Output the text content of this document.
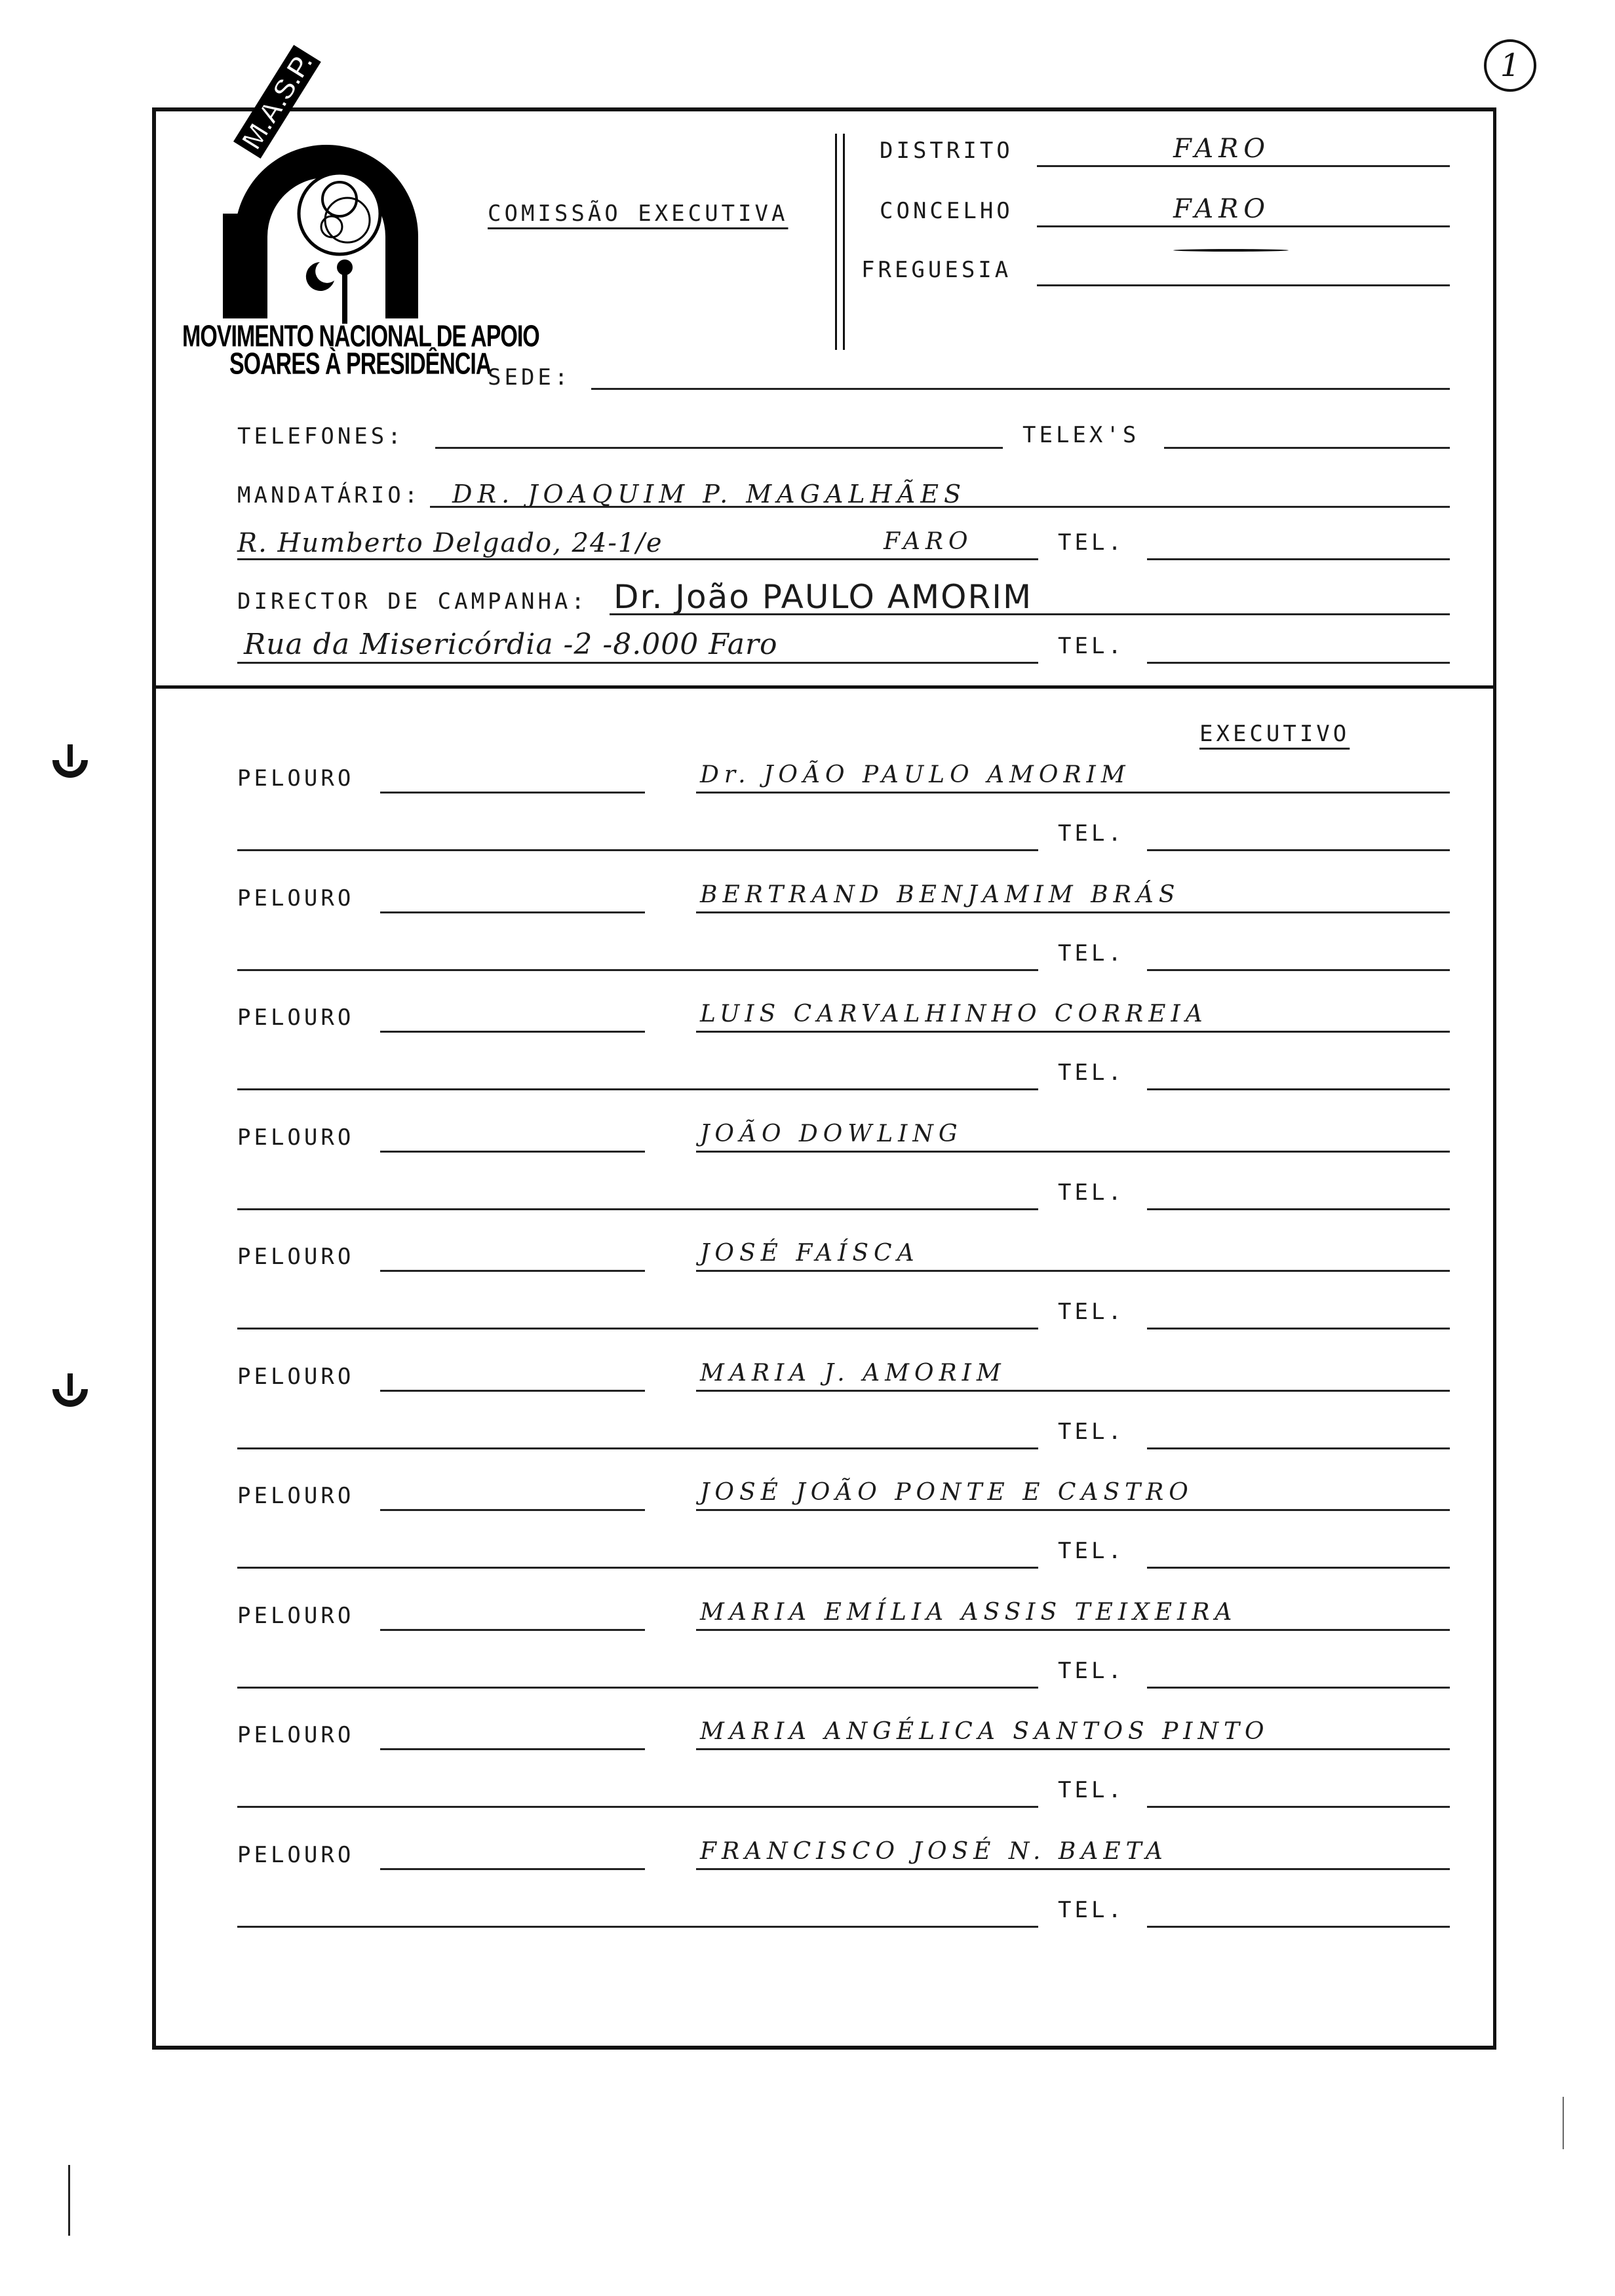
1
M.A.S.P.
MOVIMENTO NACIONAL DE APOIO
SOARES À PRESIDÊNCIA
COMISSÃO EXECUTIVA
DISTRITO	FARO
CONCELHO	FARO
FREGUESIA
SEDE:
TELEFONES:	TELEX'S
MANDATÁRIO: DR. JOAQUIM P. MAGALHÃES
R. Humberto Delgado, 24-1/e	FARO	TEL.
DIRECTOR DE CAMPANHA: Dr. João PAULO AMORIM
Rua da Misericórdia -2 -8.000 Faro	TEL.
EXECUTIVO
PELOURO	Dr. JOÃO PAULO AMORIM
TEL.
PELOURO	BERTRAND BENJAMIM BRÁS
TEL.
PELOURO	LUIS CARVALHINHO CORREIA
TEL.
PELOURO	JOÃO DOWLING
TEL.
PELOURO	JOSÉ FAÍSCA
TEL.
PELOURO	MARIA J. AMORIM
TEL.
PELOURO	JOSÉ JOÃO PONTE E CASTRO
TEL.
PELOURO	MARIA EMÍLIA ASSIS TEIXEIRA
TEL.
PELOURO	MARIA ANGÉLICA SANTOS PINTO
TEL.
PELOURO	FRANCISCO JOSÉ N. BAETA
TEL.
